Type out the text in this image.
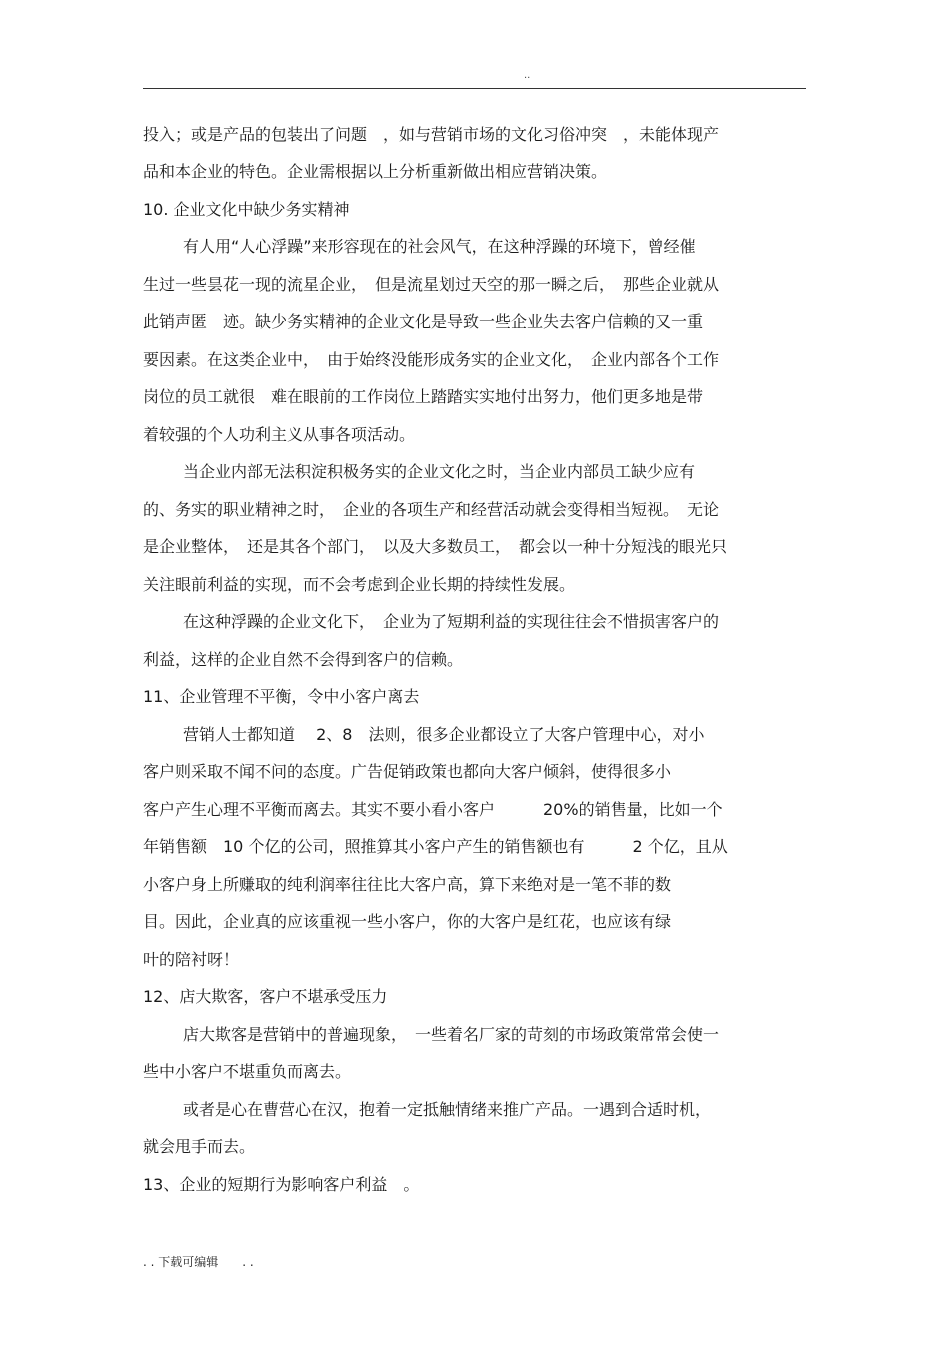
..
投入；或是产品的包装出了问题　，如与营销市场的文化习俗冲突　，未能体现产
品和本企业的特色。企业需根据以上分析重新做出相应营销决策。
10. 企业文化中缺少务实精神
有人用“人心浮躁”来形容现在的社会风气，在这种浮躁的环境下，曾经催
生过一些昙花一现的流星企业，　但是流星划过天空的那一瞬之后，　那些企业就从
此销声匿　迹。缺少务实精神的企业文化是导致一些企业失去客户信赖的又一重
要因素。在这类企业中，　由于始终没能形成务实的企业文化，　企业内部各个工作
岗位的员工就很　难在眼前的工作岗位上踏踏实实地付出努力，他们更多地是带
着较强的个人功利主义从事各项活动。
当企业内部无法积淀积极务实的企业文化之时，当企业内部员工缺少应有
的、务实的职业精神之时，　企业的各项生产和经营活动就会变得相当短视。　无论
是企业整体，　还是其各个部门，　以及大多数员工，　都会以一种十分短浅的眼光只
关注眼前利益的实现，而不会考虑到企业长期的持续性发展。
在这种浮躁的企业文化下，　企业为了短期利益的实现往往会不惜损害客户的
利益，这样的企业自然不会得到客户的信赖。
11、企业管理不平衡，令中小客户离去
营销人士都知道　 2、8　法则，很多企业都设立了大客户管理中心，对小
客户则采取不闻不问的态度。广告促销政策也都向大客户倾斜，使得很多小
客户产生心理不平衡而离去。其实不要小看小客户　　　20%的销售量，比如一个
年销售额　10 个亿的公司，照推算其小客户产生的销售额也有　　　2 个亿，且从
小客户身上所赚取的纯利润率往往比大客户高，算下来绝对是一笔不菲的数
目。因此，企业真的应该重视一些小客户，你的大客户是红花，也应该有绿
叶的陪衬呀！
12、店大欺客，客户不堪承受压力
店大欺客是营销中的普遍现象，　一些着名厂家的苛刻的市场政策常常会使一
些中小客户不堪重负而离去。
或者是心在曹营心在汉，抱着一定抵触情绪来推广产品。一遇到合适时机，
就会甩手而去。
13、企业的短期行为影响客户利益　。
. . 下载可编辑　　. .
